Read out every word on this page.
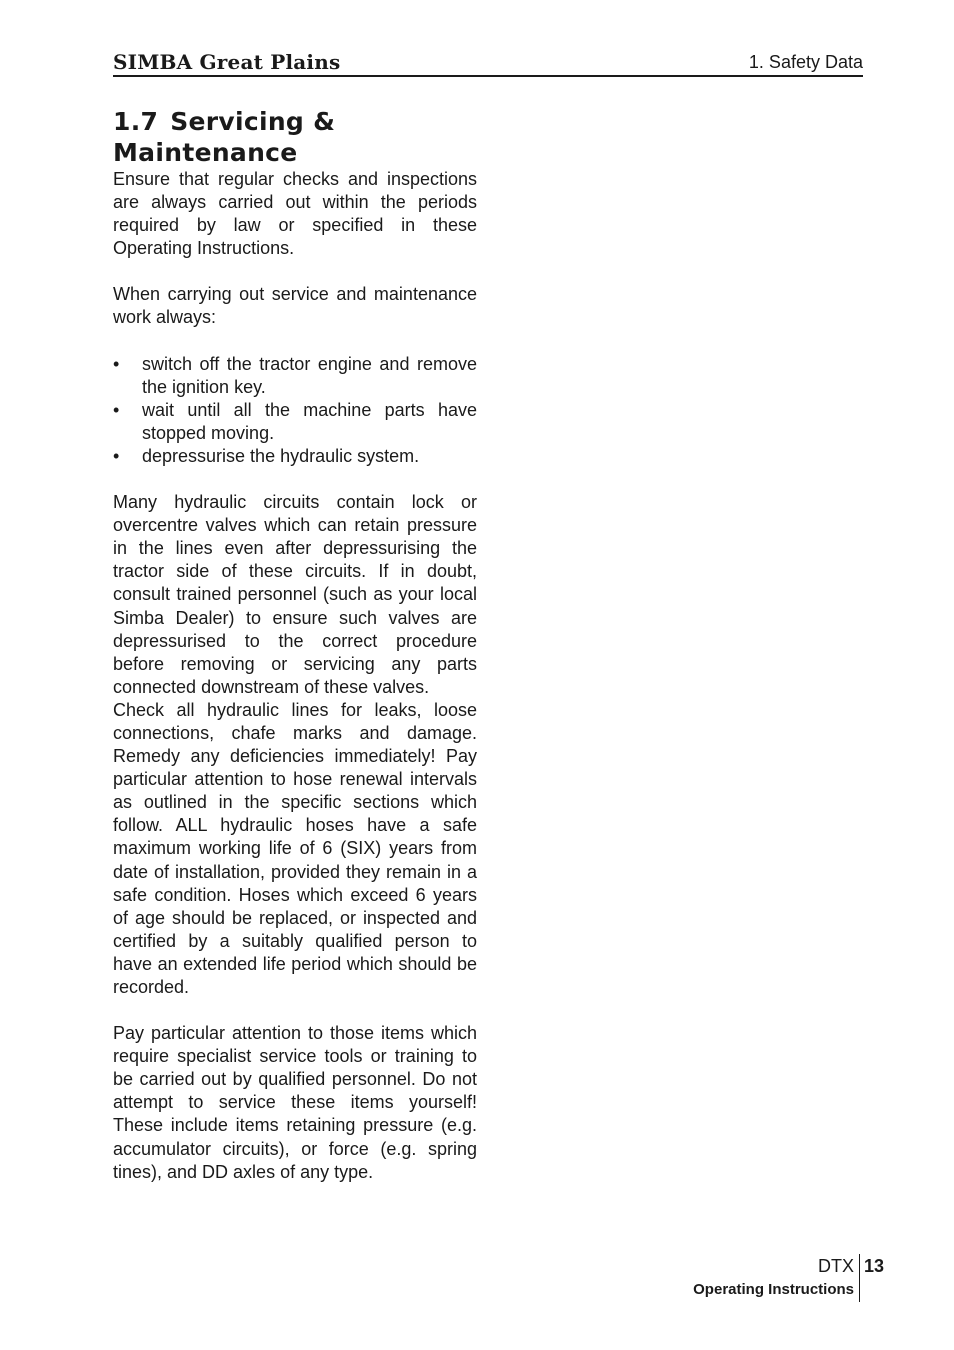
SIMBA Great Plains	1. Safety Data
1.7 Servicing & Maintenance

Ensure that regular checks and inspections are always carried out within the periods required by law or specified in these Operating Instructions.

When carrying out service and maintenance work always:

• switch off the tractor engine and remove the ignition key.
• wait until all the machine parts have stopped moving.
• depressurise the hydraulic system.

Many hydraulic circuits contain lock or overcentre valves which can retain pressure in the lines even after depressurising the tractor side of these circuits. If in doubt, consult trained personnel (such as your local Simba Dealer) to ensure such valves are depressurised to the correct procedure before removing or servicing any parts connected downstream of these valves.

Check all hydraulic lines for leaks, loose connections, chafe marks and damage. Remedy any deficiencies immediately! Pay particular attention to hose renewal intervals as outlined in the specific sections which follow. ALL hydraulic hoses have a safe maximum working life of 6 (SIX) years from date of installation, provided they remain in a safe condition. Hoses which exceed 6 years of age should be replaced, or inspected and certified by a suitably qualified person to have an extended life period which should be recorded.

Pay particular attention to those items which require specialist service tools or training to be carried out by qualified personnel. Do not attempt to service these items yourself! These include items retaining pressure (e.g. accumulator circuits), or force (e.g. spring tines), and DD axles of any type.

DTX
Operating Instructions
13
